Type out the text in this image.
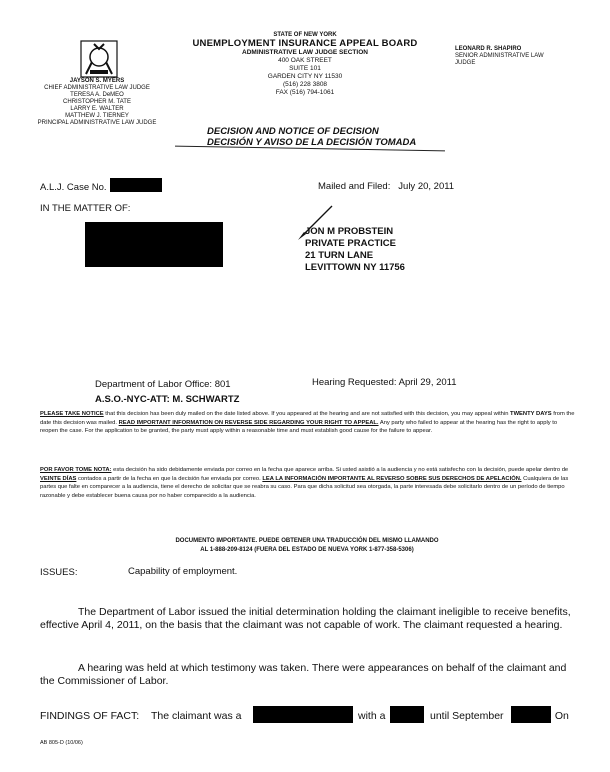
JAYSON S. MYERS
CHIEF ADMINISTRATIVE LAW JUDGE
TERESA A. DeMEO
CHRISTOPHER M. TATE
LARRY E. WALTER
MATTHEW J. TIERNEY
PRINCIPAL ADMINISTRATIVE LAW JUDGE
STATE OF NEW YORK
UNEMPLOYMENT INSURANCE APPEAL BOARD
ADMINISTRATIVE LAW JUDGE SECTION
400 OAK STREET
SUITE 101
GARDEN CITY NY 11530
(516) 228 3808
FAX (516) 794-1061
LEONARD R. SHAPIRO
SENIOR ADMINISTRATIVE LAW JUDGE
DECISION AND NOTICE OF DECISION
DECISIÓN Y AVISO DE LA DECISIÓN TOMADA
A.L.J. Case No.	Mailed and Filed: July 20, 2011
IN THE MATTER OF:
JON M PROBSTEIN
PRIVATE PRACTICE
21 TURN LANE
LEVITTOWN NY 11756
Department of Labor Office: 801	Hearing Requested: April 29, 2011
A.S.O.-NYC-ATT: M. SCHWARTZ
PLEASE TAKE NOTICE that this decision has been duly mailed on the date listed above. If you appeared at the hearing and are not satisfied with this decision, you may appeal within TWENTY DAYS from the date this decision was mailed. READ IMPORTANT INFORMATION ON REVERSE SIDE REGARDING YOUR RIGHT TO APPEAL. Any party who failed to appear at the hearing has the right to apply to reopen the case. For the application to be granted, the party must apply within a reasonable time and must establish good cause for the failure to appear.
POR FAVOR TOME NOTA: esta decisión ha sido debidamente enviada por correo en la fecha que aparece arriba. Si usted asistió a la audiencia y no está satisfecho con la decisión, puede apelar dentro de VEINTE DÍAS contados a partir de la fecha en que la decisión fue enviada por correo. LEA LA INFORMACIÓN IMPORTANTE AL REVERSO SOBRE SUS DERECHOS DE APELACIÓN. Cualquiera de las partes que falte en comparecer a la audiencia, tiene el derecho de solicitar que se reabra su caso. Para que dicha solicitud sea otorgada, la parte interesada debe solicitarlo dentro de un período de tiempo razonable y debe establecer buena causa por no haber comparecido a la audiencia.
DOCUMENTO IMPORTANTE. PUEDE OBTENER UNA TRADUCCIÓN DEL MISMO LLAMANDO
AL 1-888-209-8124 (FUERA DEL ESTADO DE NUEVA YORK 1-877-358-5306)
ISSUES:	Capability of employment.
The Department of Labor issued the initial determination holding the claimant ineligible to receive benefits, effective April 4, 2011, on the basis that the claimant was not capable of work. The claimant requested a hearing.
A hearing was held at which testimony was taken. There were appearances on behalf of the claimant and the Commissioner of Labor.
FINDINGS OF FACT: The claimant was a	with a	until September	. On
AB 805-D (10/06)
